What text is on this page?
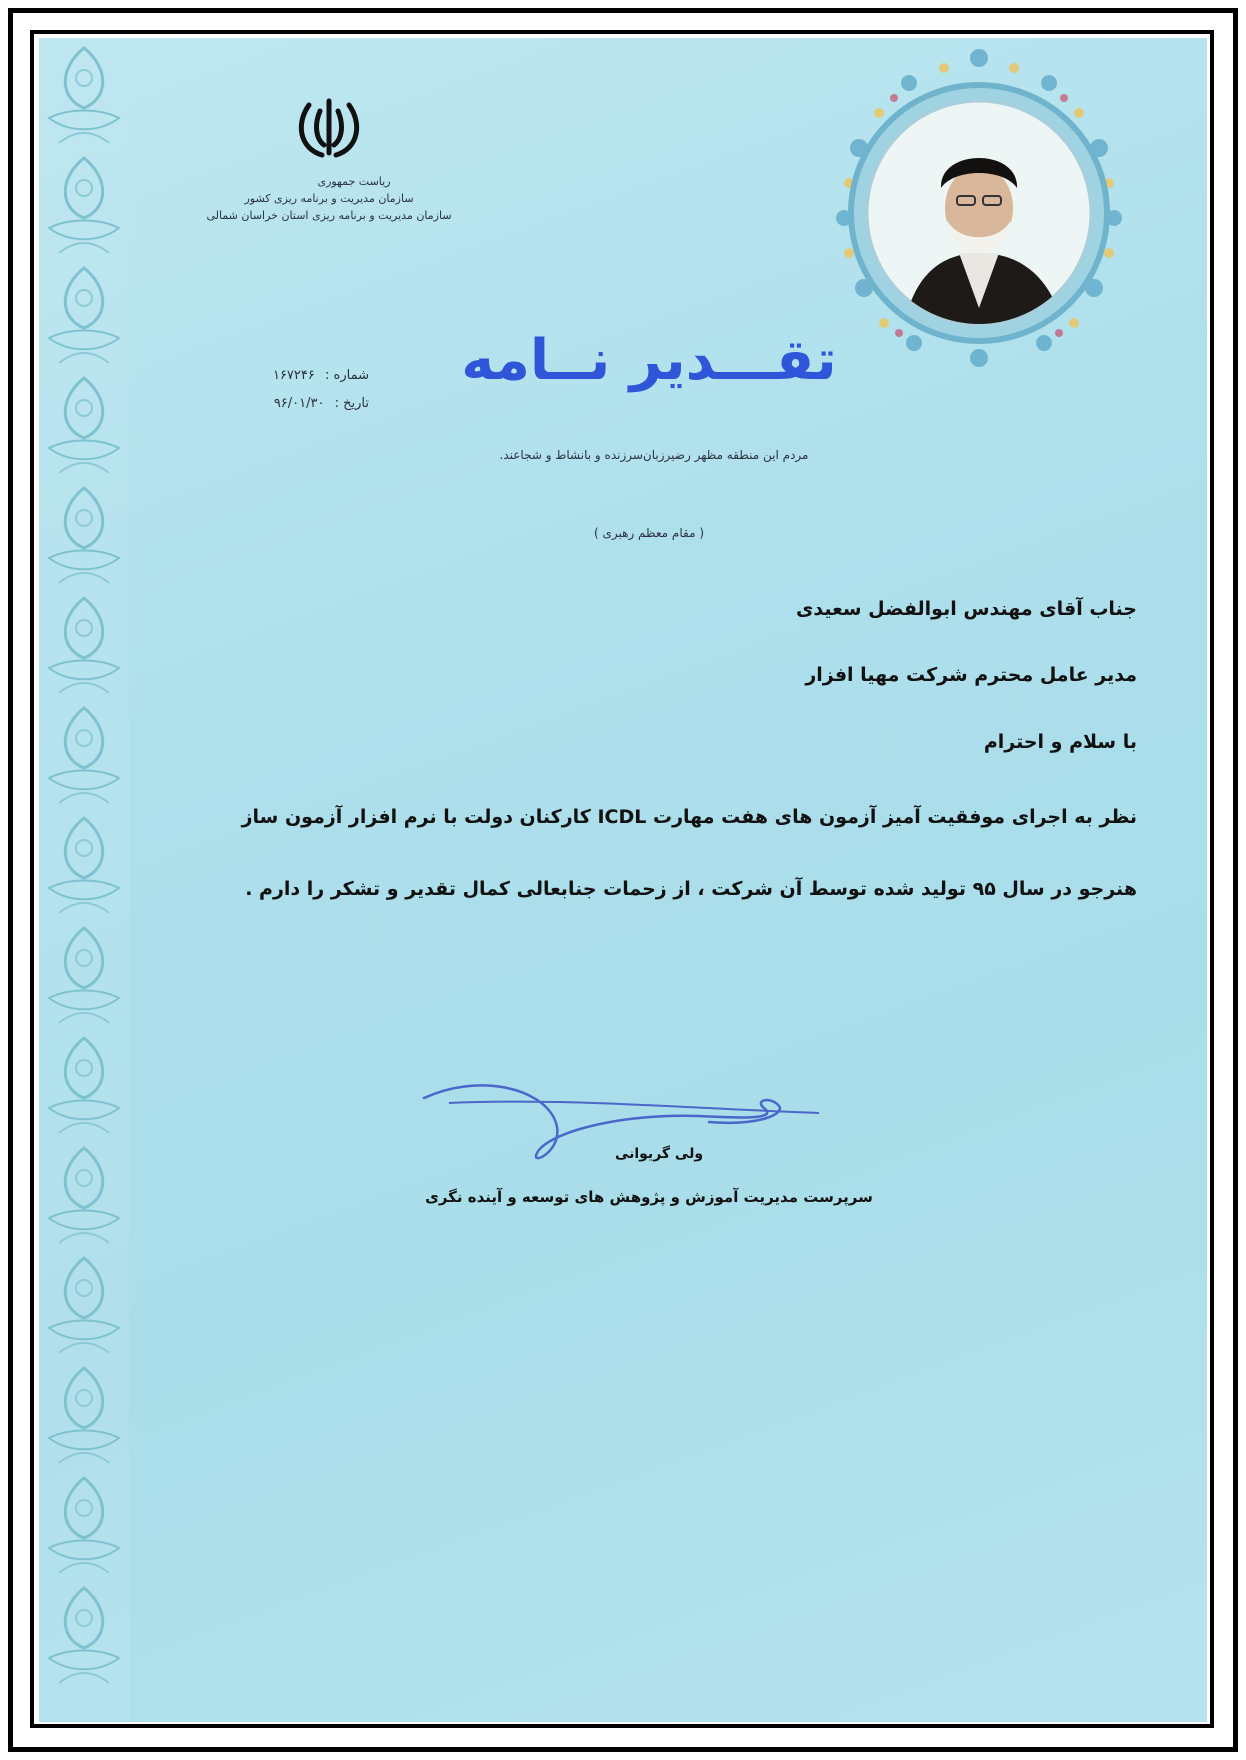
ریاست جمهوری
سازمان مدیریت و برنامه ریزی کشور
سازمان مدیریت و برنامه ریزی استان خراسان شمالی
تقـــدیر نــامه
شماره : ۱۶۷۲۴۶
تاریخ : ۹۶/۰۱/۳۰
مردم این منطقه مظهر رضیرزبان‌سرزنده و بانشاط و شجاعند.
( مقام معظم رهبری )
جناب آقای مهندس ابوالفضل سعیدی
مدیر عامل محترم شرکت مهیا افزار
با سلام و احترام
نظر به اجرای موفقیت آمیز آزمون های هفت مهارت ICDL کارکنان دولت با نرم افزار آزمون ساز
هنرجو در سال ۹۵ تولید شده توسط آن شرکت ، از زحمات جنابعالی کمال تقدیر و تشکر را دارم .
ولی گریوانی
سرپرست مدیریت آموزش و پژوهش های توسعه و آینده نگری
